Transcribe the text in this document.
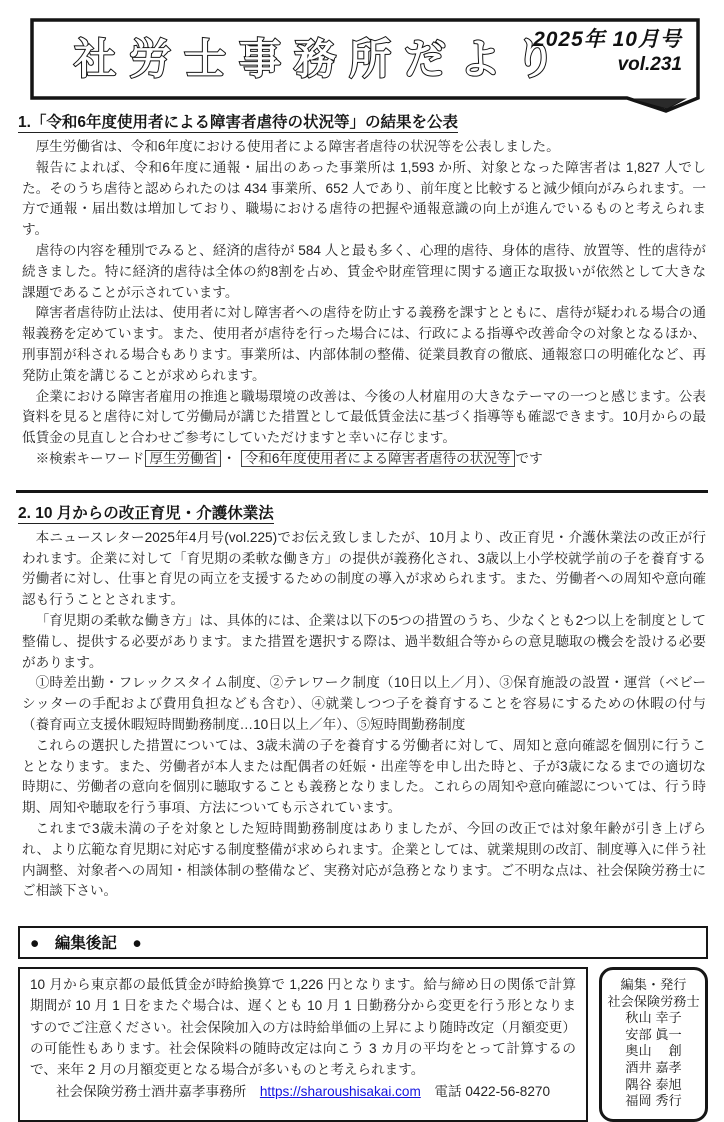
社労士事務所だより
2025年 10月号
vol.231
1.「令和6年度使用者による障害者虐待の状況等」の結果を公表

厚生労働省は、令和6年度における使用者による障害者虐待の状況等を公表しました。

報告によれば、令和6年度に通報・届出のあった事業所は 1,593 か所、対象となった障害者は 1,827 人でした。そのうち虐待と認められたのは 434 事業所、652 人であり、前年度と比較すると減少傾向がみられます。一方で通報・届出数は増加しており、職場における虐待の把握や通報意識の向上が進んでいるものと考えられます。

虐待の内容を種別でみると、経済的虐待が 584 人と最も多く、心理的虐待、身体的虐待、放置等、性的虐待が続きました。特に経済的虐待は全体の約8割を占め、賃金や財産管理に関する適正な取扱いが依然として大きな課題であることが示されています。

障害者虐待防止法は、使用者に対し障害者への虐待を防止する義務を課すとともに、虐待が疑われる場合の通報義務を定めています。また、使用者が虐待を行った場合には、行政による指導や改善命令の対象となるほか、刑事罰が科される場合もあります。事業所は、内部体制の整備、従業員教育の徹底、通報窓口の明確化など、再発防止策を講じることが求められます。

企業における障害者雇用の推進と職場環境の改善は、今後の人材雇用の大きなテーマの一つと感じます。公表資料を見ると虐待に対して労働局が講じた措置として最低賃金法に基づく指導等も確認できます。10月からの最低賃金の見直しと合わせご参考にしていただけますと幸いに存じます。

※検索キーワード 厚生労働省 ・ 令和6年度使用者による障害者虐待の状況等 です

2. 10 月からの改正育児・介護休業法

本ニュースレター2025年4月号(vol.225)でお伝え致しましたが、10月より、改正育児・介護休業法の改正が行われます。企業に対して「育児期の柔軟な働き方」の提供が義務化され、3歳以上小学校就学前の子を養育する労働者に対し、仕事と育児の両立を支援するための制度の導入が求められます。また、労働者への周知や意向確認も行うこととされます。

「育児期の柔軟な働き方」は、具体的には、企業は以下の5つの措置のうち、少なくとも2つ以上を制度として整備し、提供する必要があります。また措置を選択する際は、過半数組合等からの意見聴取の機会を設ける必要があります。

①時差出勤・フレックスタイム制度、②テレワーク制度（10日以上／月）、③保育施設の設置・運営（ベビーシッターの手配および費用負担なども含む）、④就業しつつ子を養育することを容易にするための休暇の付与（養育両立支援休暇短時間勤務制度…10日以上／年）、⑤短時間勤務制度

これらの選択した措置については、3歳未満の子を養育する労働者に対して、周知と意向確認を個別に行うこととなります。また、労働者が本人または配偶者の妊娠・出産等を申し出た時と、子が3歳になるまでの適切な時期に、労働者の意向を個別に聴取することも義務となりました。これらの周知や意向確認については、行う時期、周知や聴取を行う事項、方法についても示されています。

これまで3歳未満の子を対象とした短時間勤務制度はありましたが、今回の改正では対象年齢が引き上げられ、より広範な育児期に対応する制度整備が求められます。企業としては、就業規則の改訂、制度導入に伴う社内調整、対象者への周知・相談体制の整備など、実務対応が急務となります。ご不明な点は、社会保険労務士にご相談下さい。

●　編集後記　●

10 月から東京都の最低賃金が時給換算で 1,226 円となります。給与締め日の関係で計算期間が 10 月 1 日をまたぐ場合は、遅くとも 10 月 1 日勤務分から変更を行う形となりますのでご注意ください。社会保険加入の方は時給単価の上昇により随時改定（月額変更）の可能性もあります。社会保険料の随時改定は向こう 3 カ月の平均をとって計算するので、来年 2 月の月額変更となる場合が多いものと考えられます。

社会保険労務士酒井嘉孝事務所　 https://sharoushisakai.com　 電話 0422-56-8270

編集・発行
社会保険労務士
秋山 幸子
安部 眞一
奥山　 創
酒井 嘉孝
隅谷 泰旭
福岡 秀行
